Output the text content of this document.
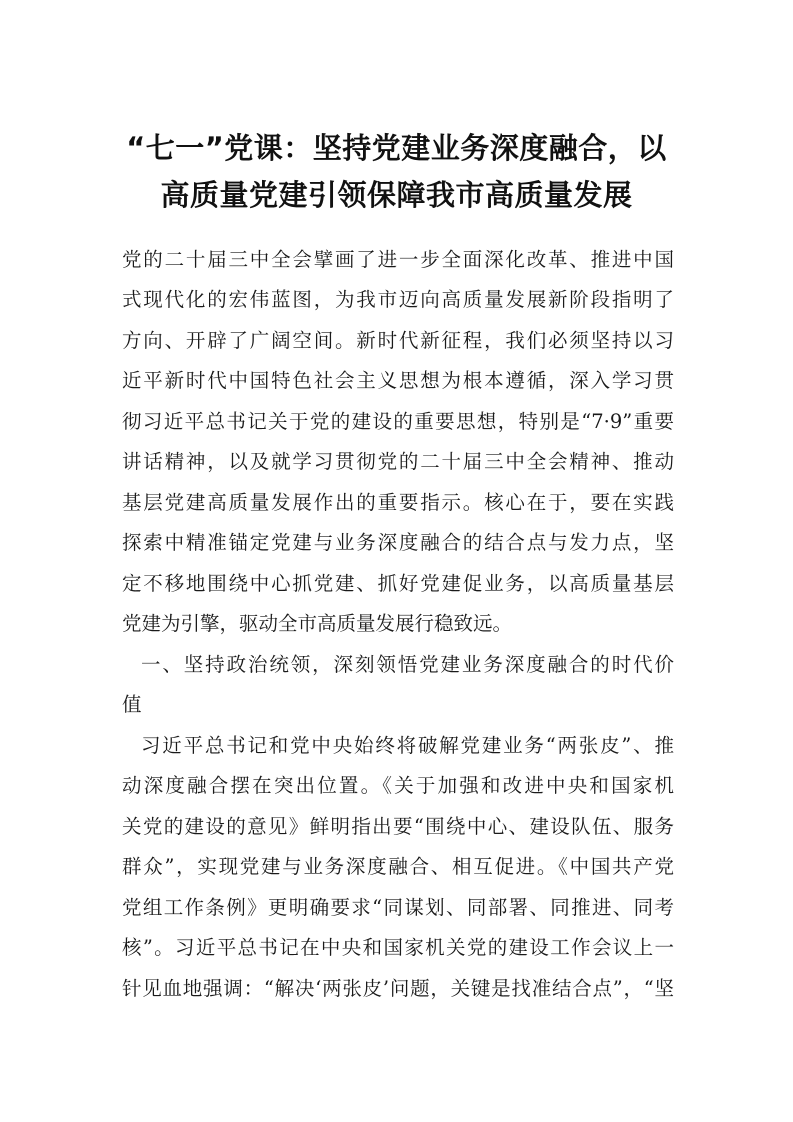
“七一”党课：坚持党建业务深度融合，以
高质量党建引领保障我市高质量发展
党的二十届三中全会擘画了进一步全面深化改革、推进中国
式现代化的宏伟蓝图，为我市迈向高质量发展新阶段指明了
方向、开辟了广阔空间。新时代新征程，我们必须坚持以习
近平新时代中国特色社会主义思想为根本遵循，深入学习贯
彻习近平总书记关于党的建设的重要思想，特别是“7·9”重要
讲话精神，以及就学习贯彻党的二十届三中全会精神、推动
基层党建高质量发展作出的重要指示。核心在于，要在实践
探索中精准锚定党建与业务深度融合的结合点与发力点，坚
定不移地围绕中心抓党建、抓好党建促业务，以高质量基层
党建为引擎，驱动全市高质量发展行稳致远。
一、坚持政治统领，深刻领悟党建业务深度融合的时代价
值
习近平总书记和党中央始终将破解党建业务“两张皮”、推
动深度融合摆在突出位置。《关于加强和改进中央和国家机
关党的建设的意见》鲜明指出要“围绕中心、建设队伍、服务
群众”，实现党建与业务深度融合、相互促进。《中国共产党
党组工作条例》更明确要求“同谋划、同部署、同推进、同考
核”。习近平总书记在中央和国家机关党的建设工作会议上一
针见血地强调：“解决‘两张皮’问题，关键是找准结合点”，“坚
